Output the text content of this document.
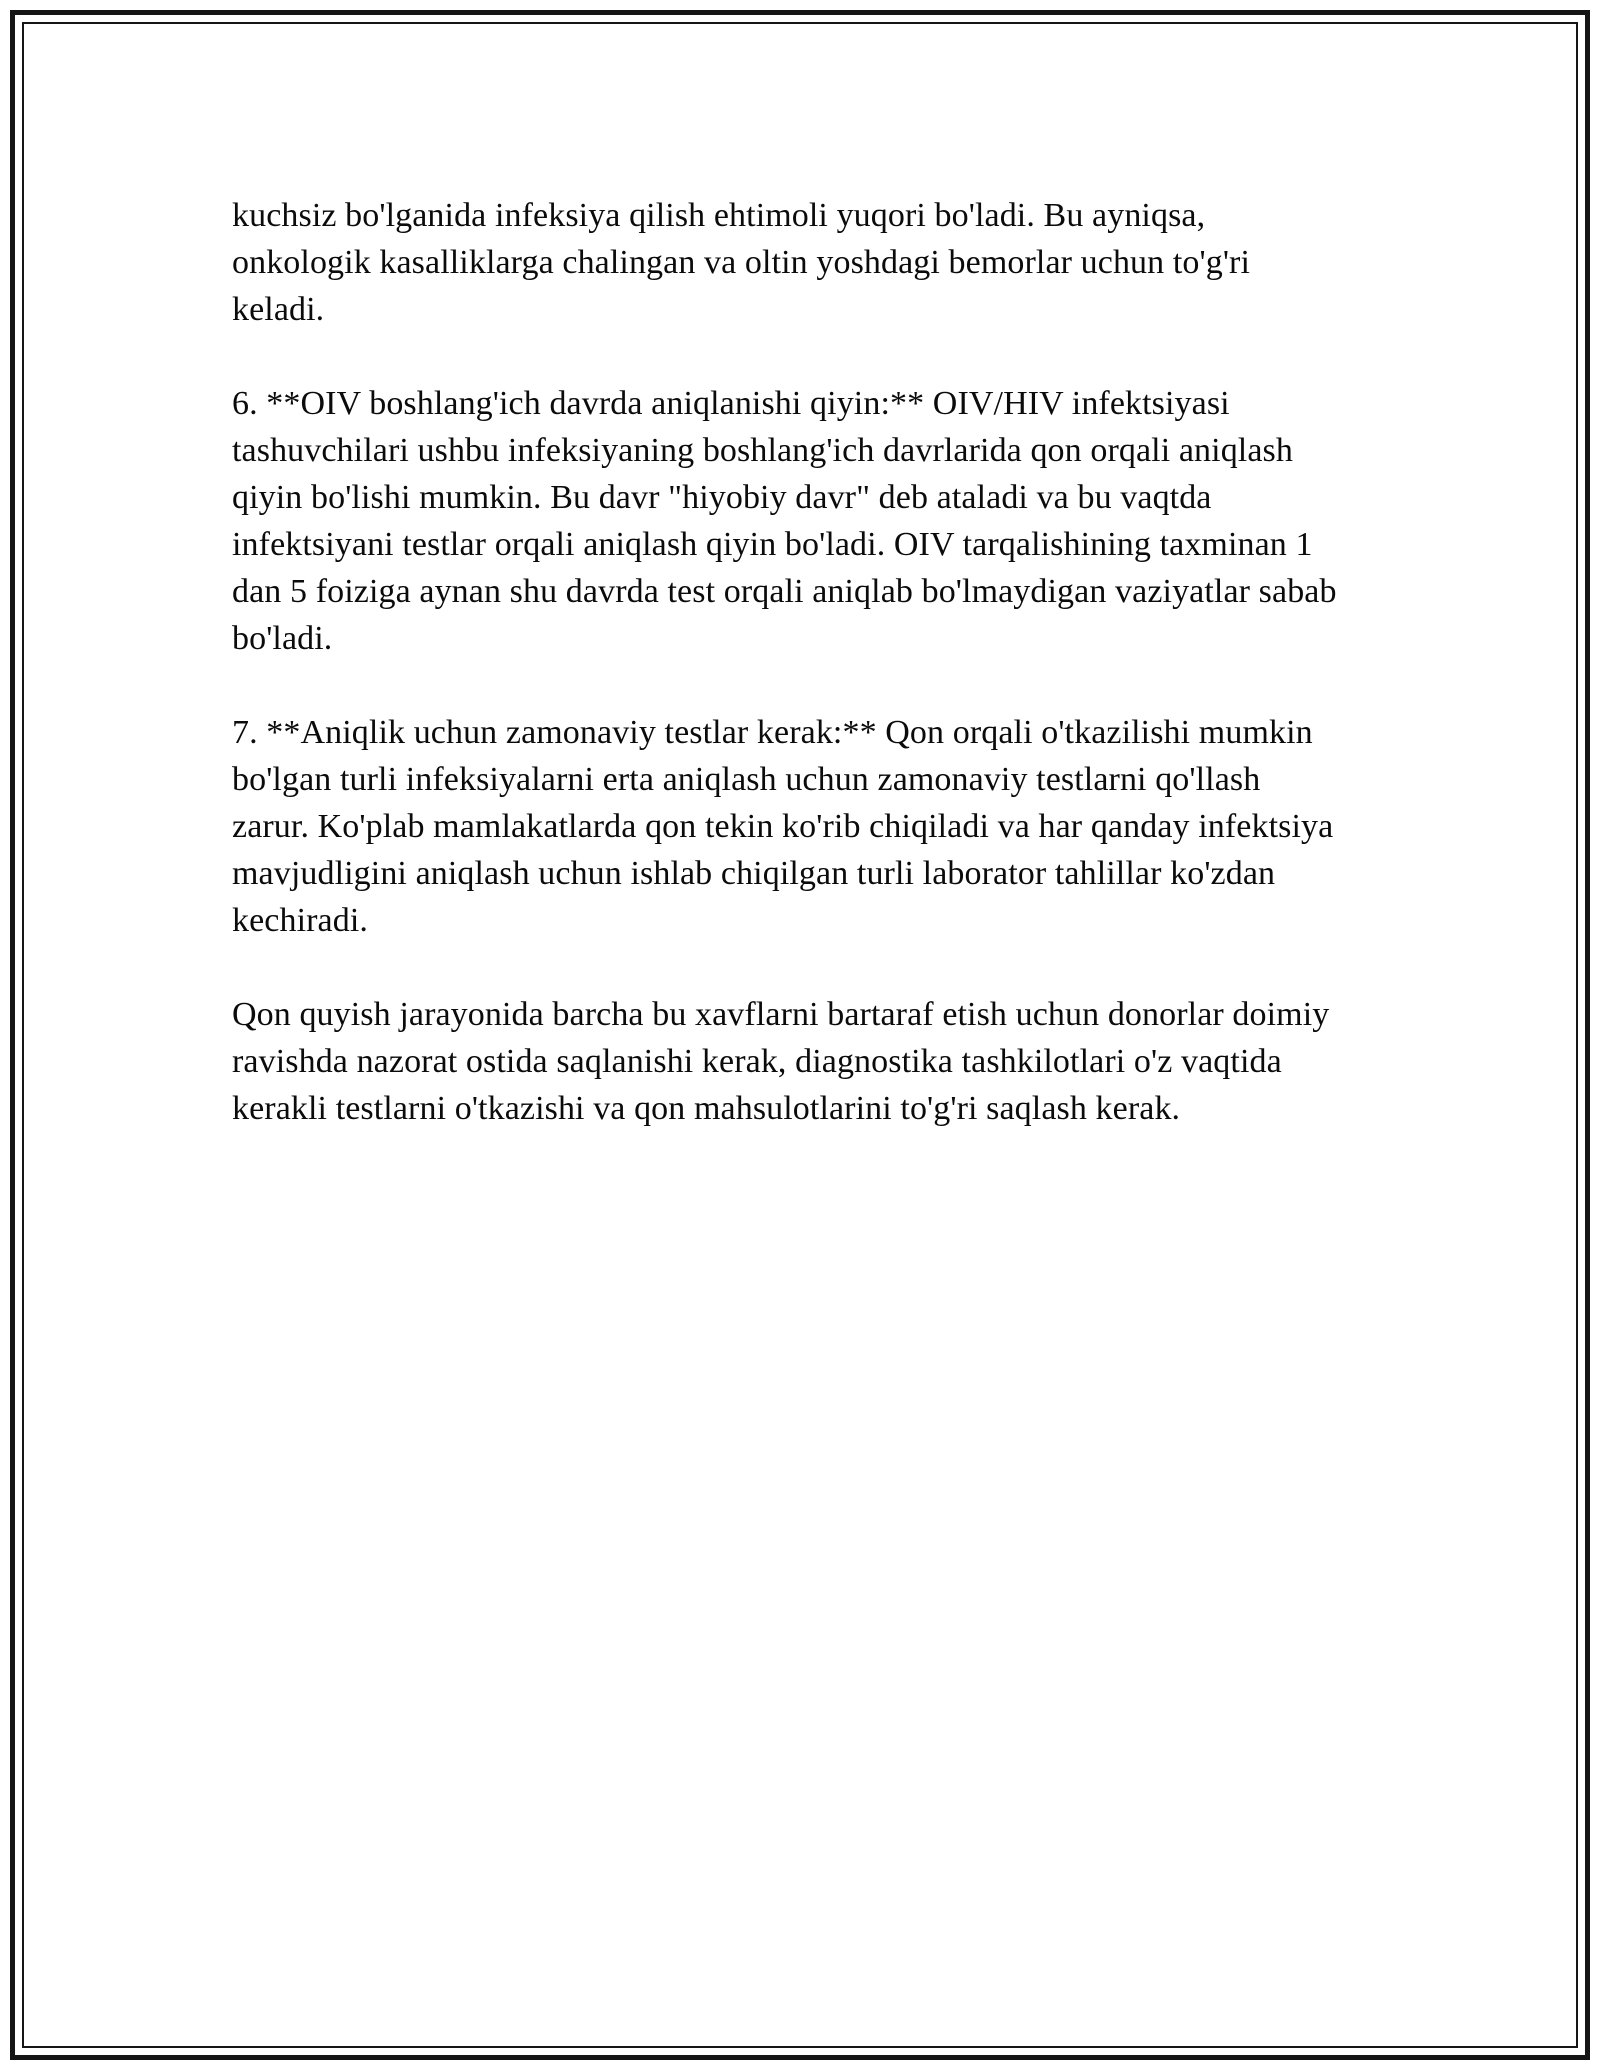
kuchsiz bo'lganida infeksiya qilish ehtimoli yuqori bo'ladi. Bu ayniqsa, onkologik kasalliklarga chalingan va oltin yoshdagi bemorlar uchun to'g'ri keladi.

6. **OIV boshlang'ich davrda aniqlanishi qiyin:** OIV/HIV infektsiyasi tashuvchilari ushbu infeksiyaning boshlang'ich davrlarida qon orqali aniqlash qiyin bo'lishi mumkin. Bu davr "hiyobiy davr" deb ataladi va bu vaqtda infektsiyani testlar orqali aniqlash qiyin bo'ladi. OIV tarqalishining taxminan 1 dan 5 foiziga aynan shu davrda test orqali aniqlab bo'lmaydigan vaziyatlar sabab bo'ladi.

7. **Aniqlik uchun zamonaviy testlar kerak:** Qon orqali o'tkazilishi mumkin bo'lgan turli infeksiyalarni erta aniqlash uchun zamonaviy testlarni qo'llash zarur. Ko'plab mamlakatlarda qon tekin ko'rib chiqiladi va har qanday infektsiya mavjudligini aniqlash uchun ishlab chiqilgan turli laborator tahlillar ko'zdan kechiradi.

Qon quyish jarayonida barcha bu xavflarni bartaraf etish uchun donorlar doimiy ravishda nazorat ostida saqlanishi kerak, diagnostika tashkilotlari o'z vaqtida kerakli testlarni o'tkazishi va qon mahsulotlarini to'g'ri saqlash kerak.
